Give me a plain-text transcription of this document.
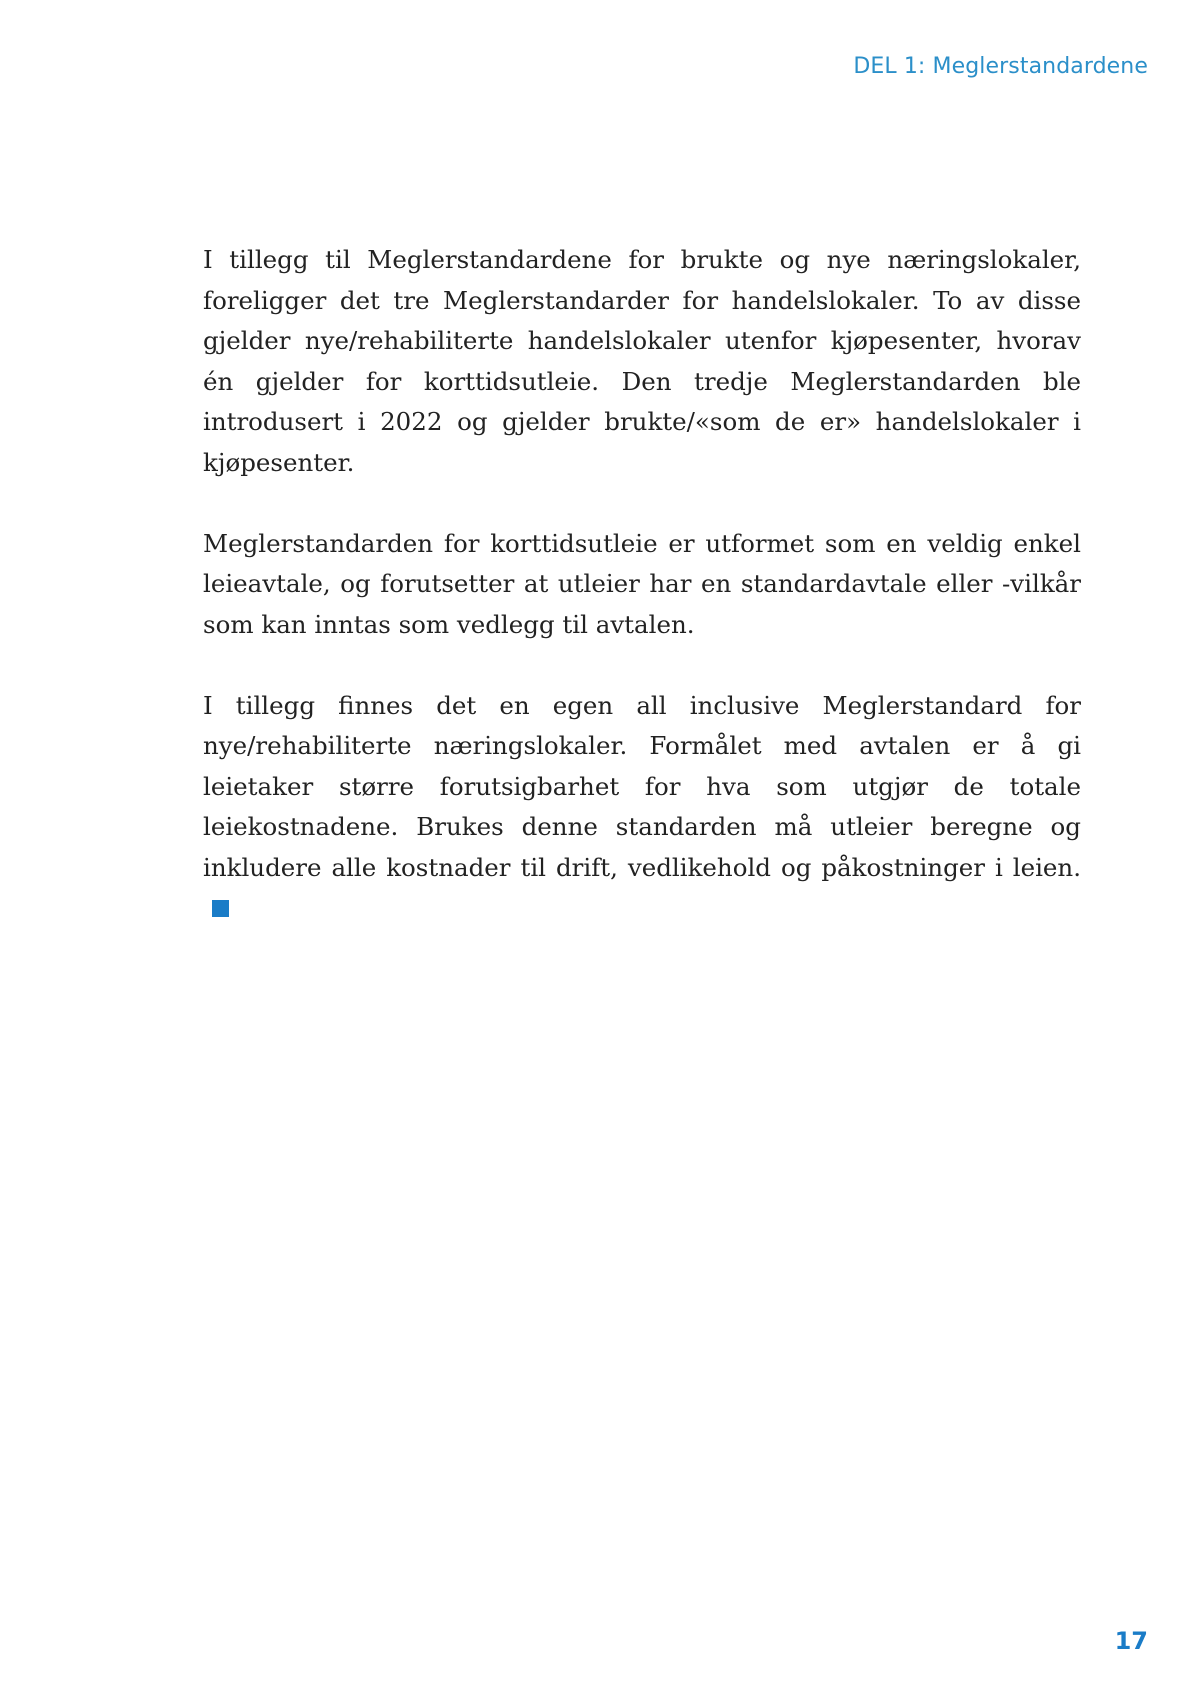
DEL 1: Meglerstandardene

I tillegg til Meglerstandardene for brukte og nye næringslokaler, foreligger det tre Meglerstandarder for handelslokaler. To av disse gjelder nye/​rehabiliterte handelslokaler utenfor kjøpesenter, hvorav én gjelder for korttidsutleie. Den tredje Meglerstandarden ble introdusert i 2022 og gjelder brukte/«som de er» handelslokaler i kjøpesenter.

Meglerstandarden for korttidsutleie er utformet som en veldig enkel leieavtale, og forutsetter at utleier har en standardavtale eller -vilkår som kan inntas som vedlegg til avtalen.

I tillegg finnes det en egen all inclusive Meglerstandard for nye/rehabiliterte næringslokaler. Formålet med avtalen er å gi leietaker større forutsigbarhet for hva som utgjør de totale leiekostnadene. Brukes denne standarden må utleier beregne og inkludere alle kostnader til drift, vedlikehold og påkostninger i leien.

17
